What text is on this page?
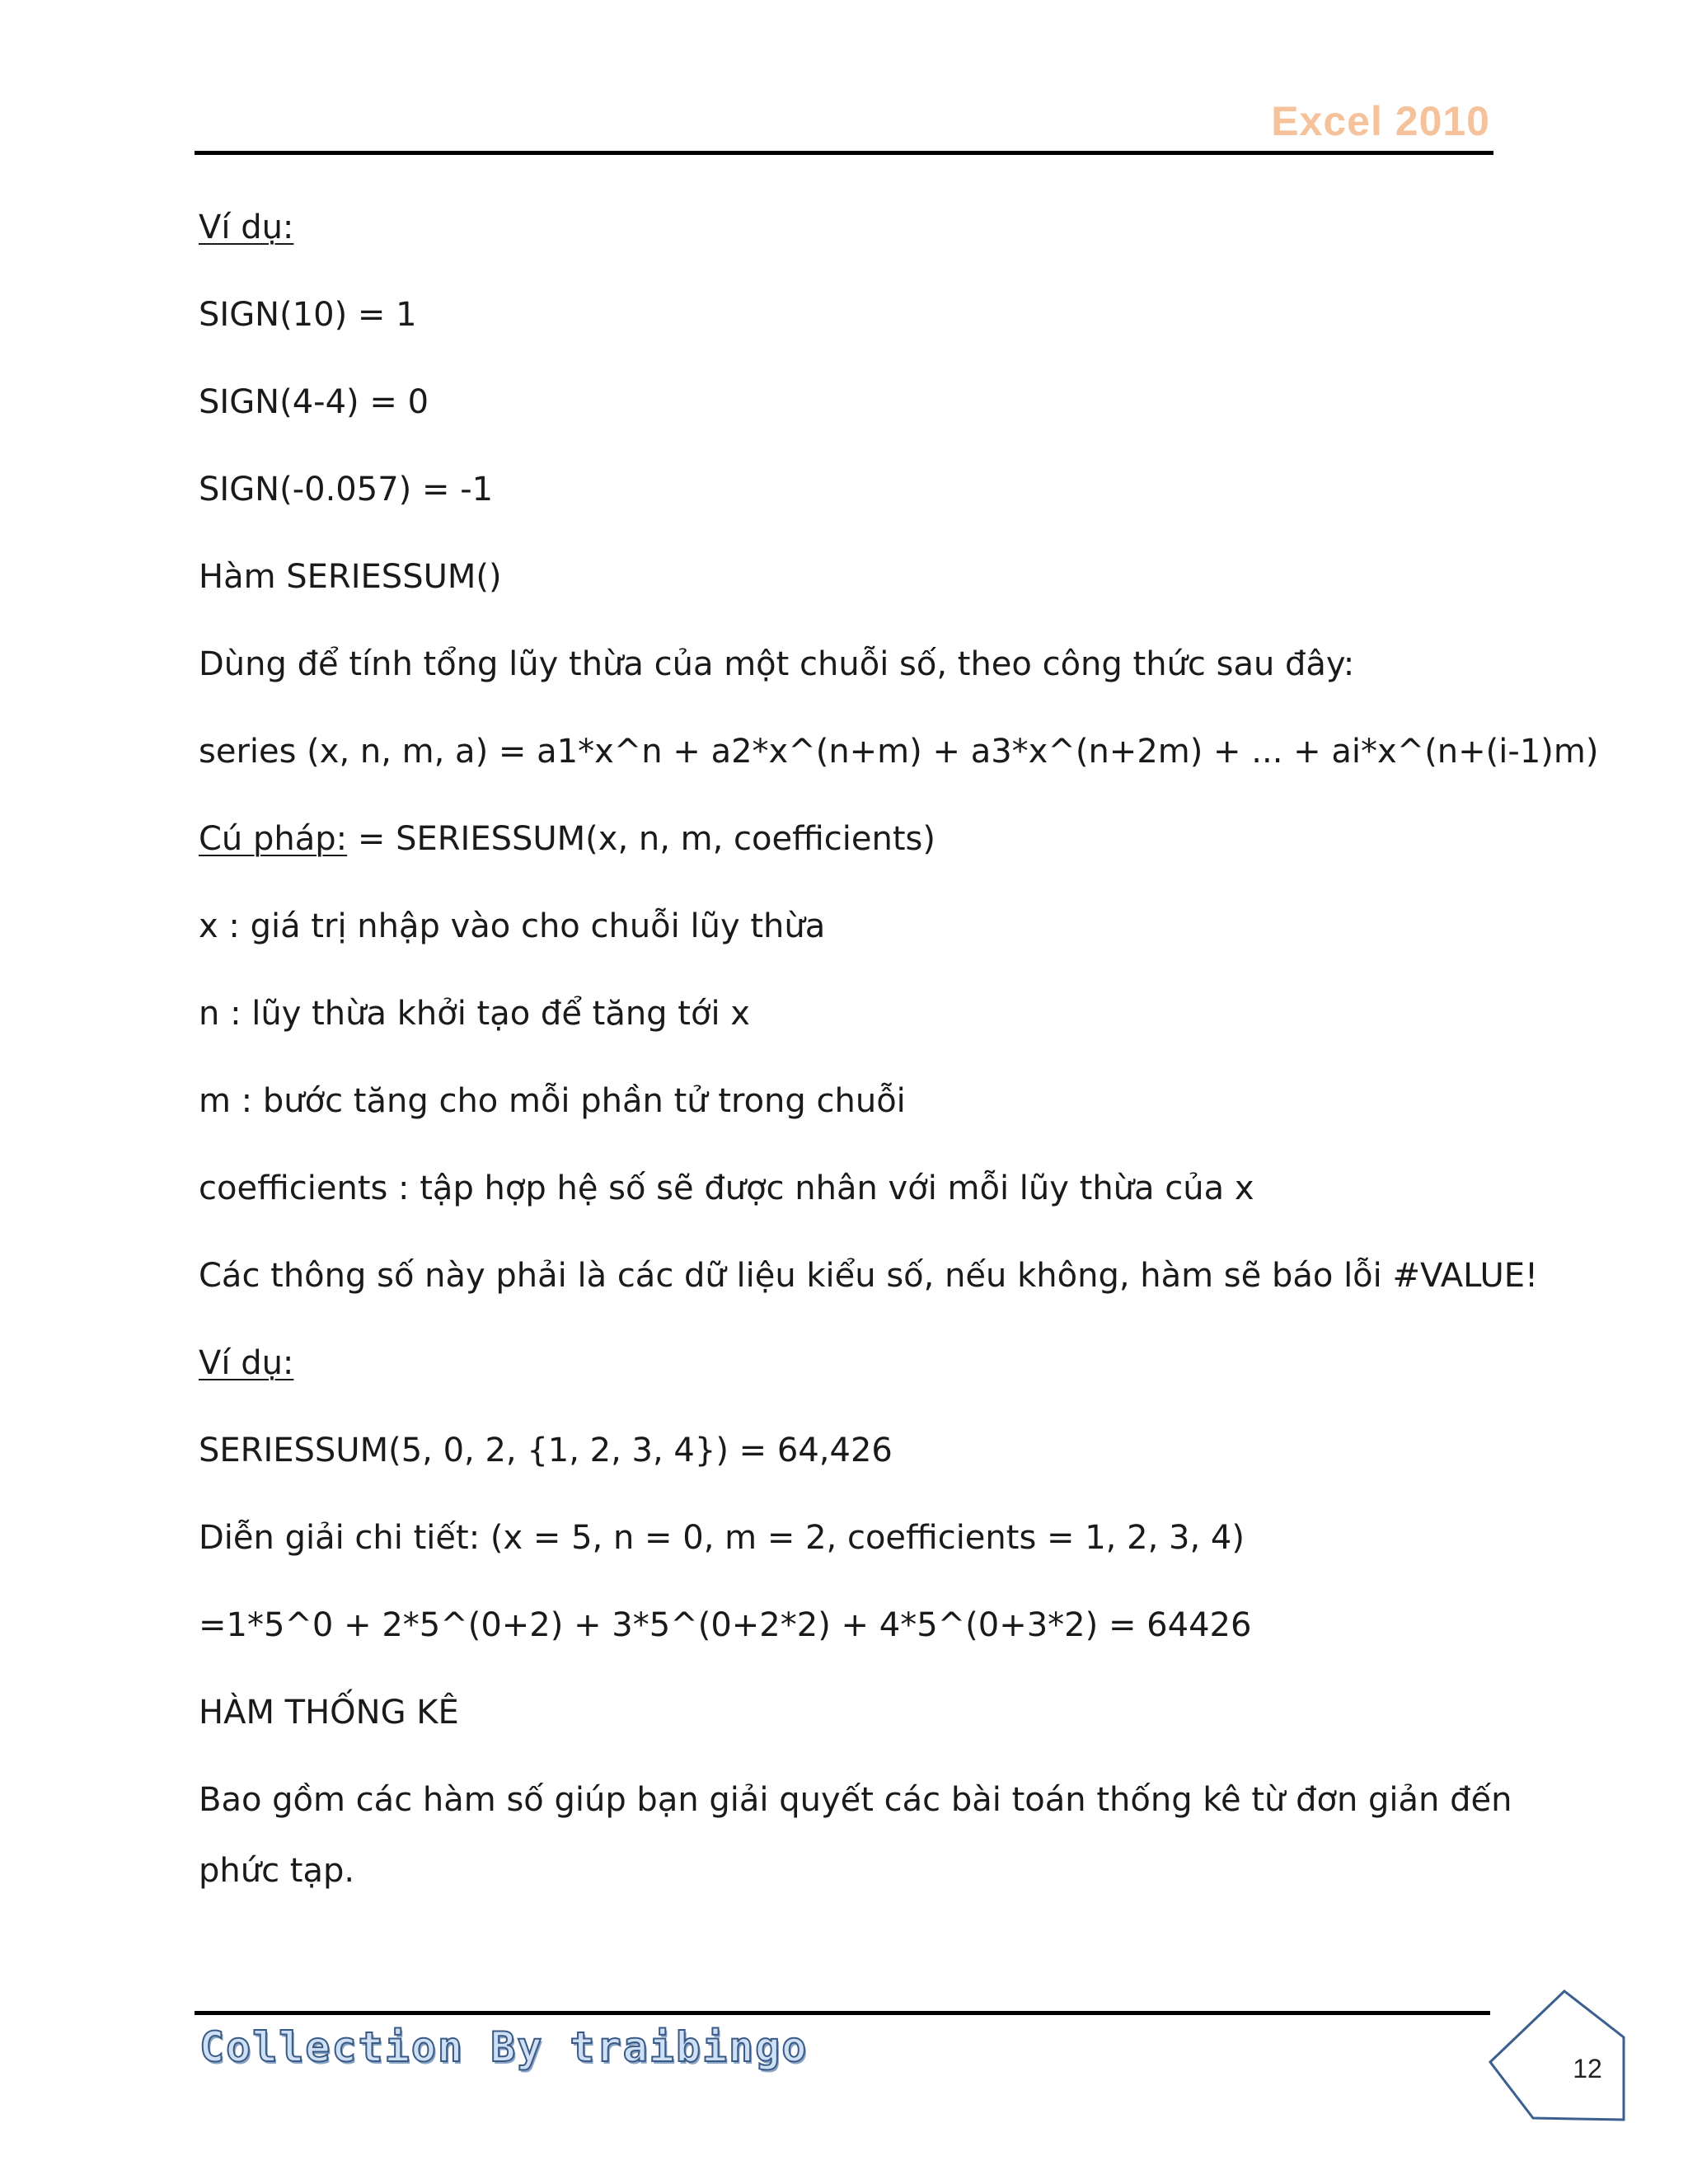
Excel 2010
Ví dụ:
SIGN(10) = 1
SIGN(4-4) = 0
SIGN(-0.057) = -1
Hàm SERIESSUM()
Dùng để tính tổng lũy thừa của một chuỗi số, theo công thức sau đây:
series (x, n, m, a) = a1*x^n + a2*x^(n+m) + a3*x^(n+2m) + ... + ai*x^(n+(i-1)m)
Cú pháp: = SERIESSUM(x, n, m, coefficients)
x : giá trị nhập vào cho chuỗi lũy thừa
n : lũy thừa khởi tạo để tăng tới x
m : bước tăng cho mỗi phần tử trong chuỗi
coefficients : tập hợp hệ số sẽ được nhân với mỗi lũy thừa của x
Các thông số này phải là các dữ liệu kiểu số, nếu không, hàm sẽ báo lỗi #VALUE!
Ví dụ:
SERIESSUM(5, 0, 2, {1, 2, 3, 4}) = 64,426
Diễn giải chi tiết: (x = 5, n = 0, m = 2, coefficients = 1, 2, 3, 4)
=1*5^0 + 2*5^(0+2) + 3*5^(0+2*2) + 4*5^(0+3*2) = 64426
HÀM THỐNG KÊ
Bao gồm các hàm số giúp bạn giải quyết các bài toán thống kê từ đơn giản đến
phức tạp.
Collection By traibingo	12
